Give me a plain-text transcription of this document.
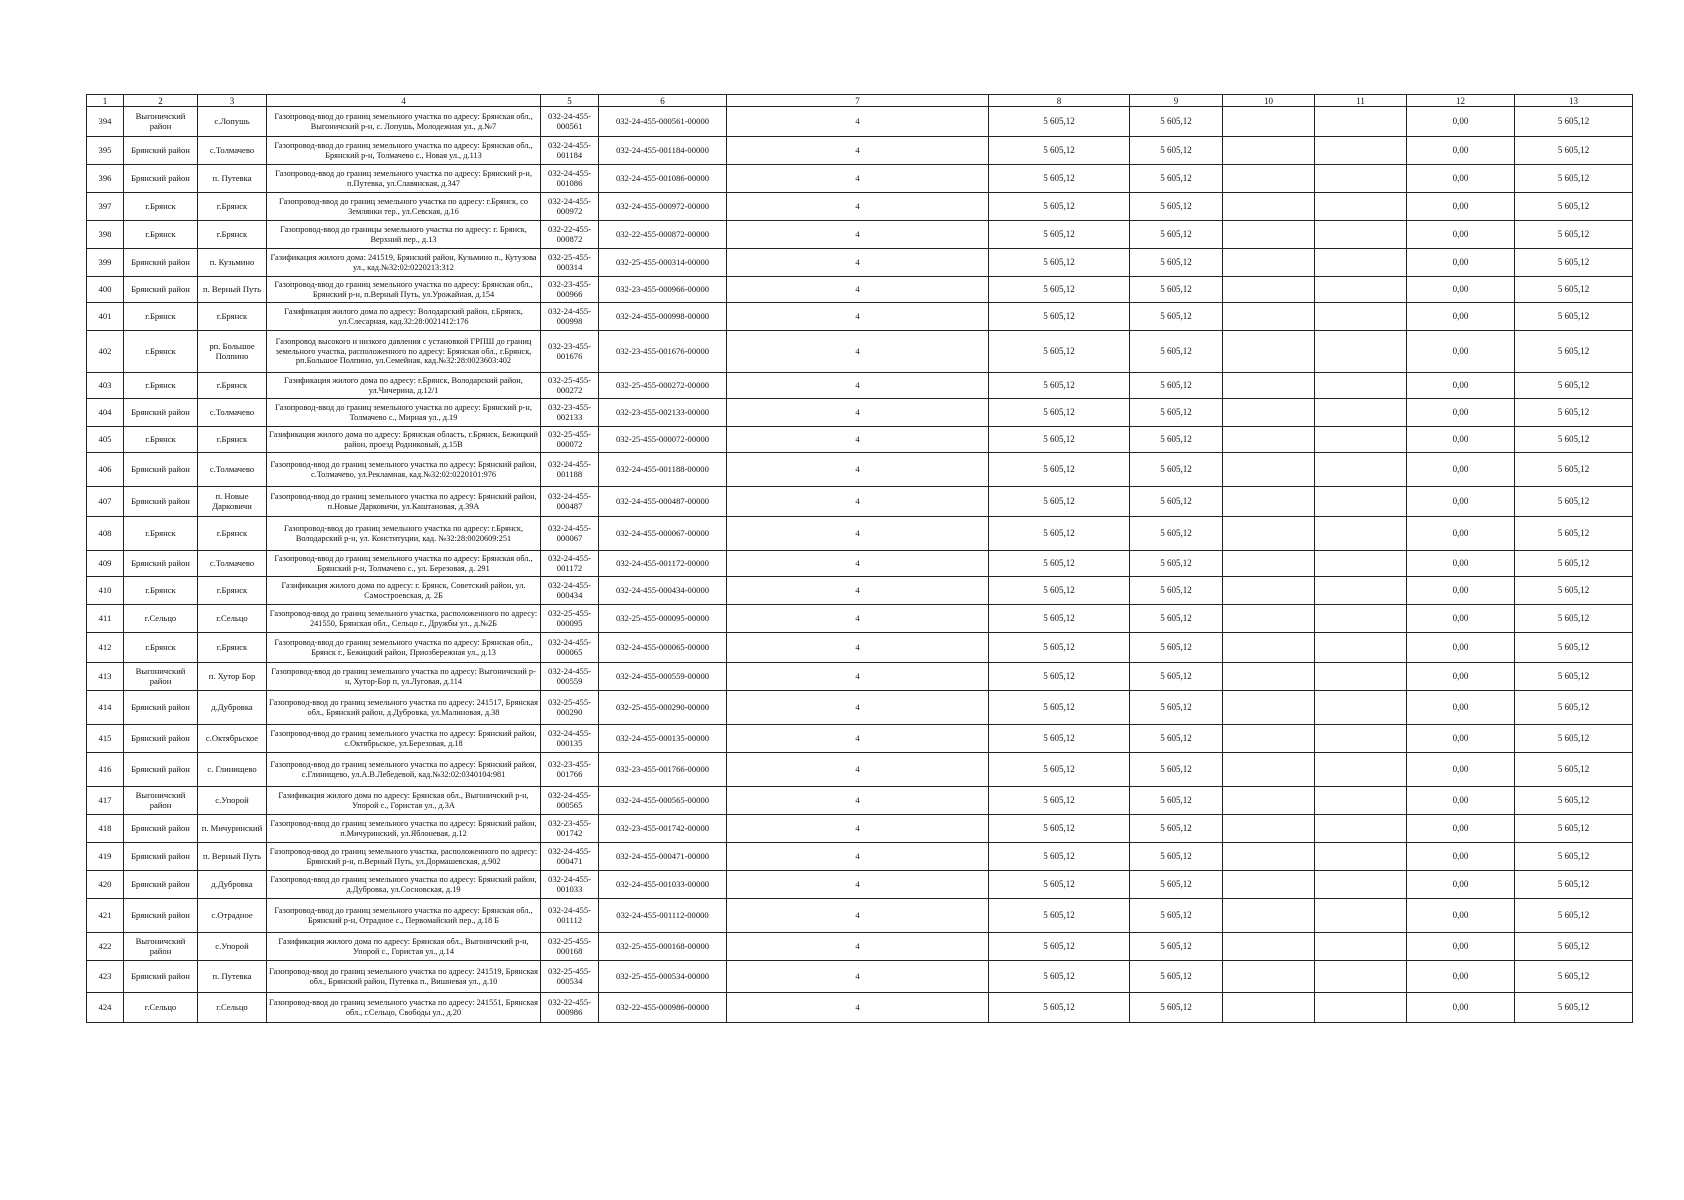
1	2	3	4	5	6	7	8	9	10	11	12	13
394	Выгоничский район	с.Лопушь	Газопровод-ввод до границ земельного участка по адресу: Брянская обл., Выгоничский р-н, с. Лопушь, Молодежная ул., д.№7	032-24-455-000561	032-24-455-000561-00000	4	5 605,12	5 605,12			0,00	5 605,12
395	Брянский район	с.Толмачево	Газопровод-ввод до границ земельного участка по адресу: Брянская обл., Брянский р-н, Толмачево с., Новая ул., д.113	032-24-455-001184	032-24-455-001184-00000	4	5 605,12	5 605,12			0,00	5 605,12
396	Брянский район	п. Путевка	Газопровод-ввод до границ земельного участка по адресу: Брянский р-н, п.Путевка, ул.Славянская, д.347	032-24-455-001086	032-24-455-001086-00000	4	5 605,12	5 605,12			0,00	5 605,12
397	г.Брянск	г.Брянск	Газопровод-ввод до границ земельного участка по адресу: г.Брянск, со Землянки тер., ул.Севская, д.16	032-24-455-000972	032-24-455-000972-00000	4	5 605,12	5 605,12			0,00	5 605,12
398	г.Брянск	г.Брянск	Газопровод-ввод до границы земельного участка по адресу: г. Брянск, Верхний пер., д.13	032-22-455-000872	032-22-455-000872-00000	4	5 605,12	5 605,12			0,00	5 605,12
399	Брянский район	п. Кузьмино	Газификация жилого дома: 241519, Брянский район, Кузьмино п., Кутузова ул., кад.№32:02:0220213:312	032-25-455-000314	032-25-455-000314-00000	4	5 605,12	5 605,12			0,00	5 605,12
400	Брянский район	п. Верный Путь	Газопровод-ввод до границ земельного участка по адресу: Брянская обл., Брянский р-н, п.Верный Путь, ул.Урожайная, д.154	032-23-455-000966	032-23-455-000966-00000	4	5 605,12	5 605,12			0,00	5 605,12
401	г.Брянск	г.Брянск	Газификация жилого дома по адресу: Володарский район, г.Брянск, ул.Слесарная, кад.32:28:0021412:176	032-24-455-000998	032-24-455-000998-00000	4	5 605,12	5 605,12			0,00	5 605,12
402	г.Брянск	рп. Большое Полпино	Газопровод высокого и низкого давления с установкой ГРПШ до границ земельного участка, расположенного по адресу: Брянская обл., г.Брянск, рп.Большое Полпино, ул.Семейная, кад.№32:28:0023603:402	032-23-455-001676	032-23-455-001676-00000	4	5 605,12	5 605,12			0,00	5 605,12
403	г.Брянск	г.Брянск	Газификация жилого дома по адресу: г.Брянск, Володарский район, ул.Чичерина, д.12/1	032-25-455-000272	032-25-455-000272-00000	4	5 605,12	5 605,12			0,00	5 605,12
404	Брянский район	с.Толмачево	Газопровод-ввод до границ земельного участка по адресу: Брянский р-н, Толмачево с., Мирная ул., д.19	032-23-455-002133	032-23-455-002133-00000	4	5 605,12	5 605,12			0,00	5 605,12
405	г.Брянск	г.Брянск	Газификация жилого дома по адресу: Брянская область, г.Брянск, Бежицкий район, проезд Родниковый, д.15В	032-25-455-000072	032-25-455-000072-00000	4	5 605,12	5 605,12			0,00	5 605,12
406	Брянский район	с.Толмачево	Газопровод-ввод до границ земельного участка по адресу: Брянский район, с.Толмачево, ул.Рекламная, кад.№32:02:0220101:976	032-24-455-001188	032-24-455-001188-00000	4	5 605,12	5 605,12			0,00	5 605,12
407	Брянский район	п. Новые Дарковичи	Газопровод-ввод до границ земельного участка по адресу: Брянский район, п.Новые Дарковичи, ул.Каштановая, д.39А	032-24-455-000487	032-24-455-000487-00000	4	5 605,12	5 605,12			0,00	5 605,12
408	г.Брянск	г.Брянск	Газопровод-ввод до границ земельного участка по адресу: г.Брянск, Володарский р-н, ул. Конституции, кад. №32:28:0020609:251	032-24-455-000067	032-24-455-000067-00000	4	5 605,12	5 605,12			0,00	5 605,12
409	Брянский район	с.Толмачево	Газопровод-ввод до границ земельного участка по адресу: Брянская обл., Брянский р-н, Толмачево с., ул. Березовая, д. 291	032-24-455-001172	032-24-455-001172-00000	4	5 605,12	5 605,12			0,00	5 605,12
410	г.Брянск	г.Брянск	Газификация жилого дома по адресу: г. Брянск, Советский район, ул. Самостроевская, д. 2Б	032-24-455-000434	032-24-455-000434-00000	4	5 605,12	5 605,12			0,00	5 605,12
411	г.Сельцо	г.Сельцо	Газопровод-ввод до границ земельного участка, расположенного по адресу: 241550, Брянская обл., Сельцо г., Дружбы ул., д.№2Б	032-25-455-000095	032-25-455-000095-00000	4	5 605,12	5 605,12			0,00	5 605,12
412	г.Брянск	г.Брянск	Газопровод-ввод до границ земельного участка по адресу: Брянская обл., Брянск г., Бежицкий район, Приозбережная ул., д.13	032-24-455-000065	032-24-455-000065-00000	4	5 605,12	5 605,12			0,00	5 605,12
413	Выгоничский район	п. Хутор Бор	Газопровод-ввод до границ земельного участка по адресу: Выгоничский р-н, Хутор-Бор п, ул.Луговая, д.114	032-24-455-000559	032-24-455-000559-00000	4	5 605,12	5 605,12			0,00	5 605,12
414	Брянский район	д.Дубровка	Газопровод-ввод до границ земельного участка по адресу: 241517, Брянская обл., Брянский район, д.Дубровка, ул.Малиновая, д.38	032-25-455-000290	032-25-455-000290-00000	4	5 605,12	5 605,12			0,00	5 605,12
415	Брянский район	с.Октябрьское	Газопровод-ввод до границ земельного участка по адресу: Брянский район, с.Октябрьское, ул.Березовая, д.18	032-24-455-000135	032-24-455-000135-00000	4	5 605,12	5 605,12			0,00	5 605,12
416	Брянский район	с. Глинищево	Газопровод-ввод до границ земельного участка по адресу: Брянский район, с.Глинищево, ул.А.В.Лебедевой, кад.№32:02:0340104:981	032-23-455-001766	032-23-455-001766-00000	4	5 605,12	5 605,12			0,00	5 605,12
417	Выгоничский район	с.Упорой	Газификация жилого дома по адресу: Брянская обл., Выгоничский р-н, Упорой с., Гористая ул., д.3А	032-24-455-000565	032-24-455-000565-00000	4	5 605,12	5 605,12			0,00	5 605,12
418	Брянский район	п. Мичуринский	Газопровод-ввод до границ земельного участка по адресу: Брянский район, п.Мичуринский, ул.Яблоневая, д.12	032-23-455-001742	032-23-455-001742-00000	4	5 605,12	5 605,12			0,00	5 605,12
419	Брянский район	п. Верный Путь	Газопровод-ввод до границ земельного участка, расположенного по адресу: Брянский р-н, п.Верный Путь, ул.Дормашевская, д.902	032-24-455-000471	032-24-455-000471-00000	4	5 605,12	5 605,12			0,00	5 605,12
420	Брянский район	д.Дубровка	Газопровод-ввод до границ земельного участка по адресу: Брянский район, д.Дубровка, ул.Сосновская, д.19	032-24-455-001033	032-24-455-001033-00000	4	5 605,12	5 605,12			0,00	5 605,12
421	Брянский район	с.Отрадное	Газопровод-ввод до границ земельного участка по адресу: Брянская обл., Брянский р-н, Отрадное с., Первомайский пер., д.18 Б	032-24-455-001112	032-24-455-001112-00000	4	5 605,12	5 605,12			0,00	5 605,12
422	Выгоничский район	с.Упорой	Газификация жилого дома по адресу: Брянская обл., Выгоничский р-н, Упорой с., Гористая ул., д.14	032-25-455-000168	032-25-455-000168-00000	4	5 605,12	5 605,12			0,00	5 605,12
423	Брянский район	п. Путевка	Газопровод-ввод до границ земельного участка по адресу: 241519, Брянская обл., Брянский район, Путевка п., Вишневая ул., д.10	032-25-455-000534	032-25-455-000534-00000	4	5 605,12	5 605,12			0,00	5 605,12
424	г.Сельцо	г.Сельцо	Газопровод-ввод до границ земельного участка по адресу: 241551, Брянская обл., г.Сельцо, Свободы ул., д.20	032-22-455-000986	032-22-455-000986-00000	4	5 605,12	5 605,12			0,00	5 605,12
